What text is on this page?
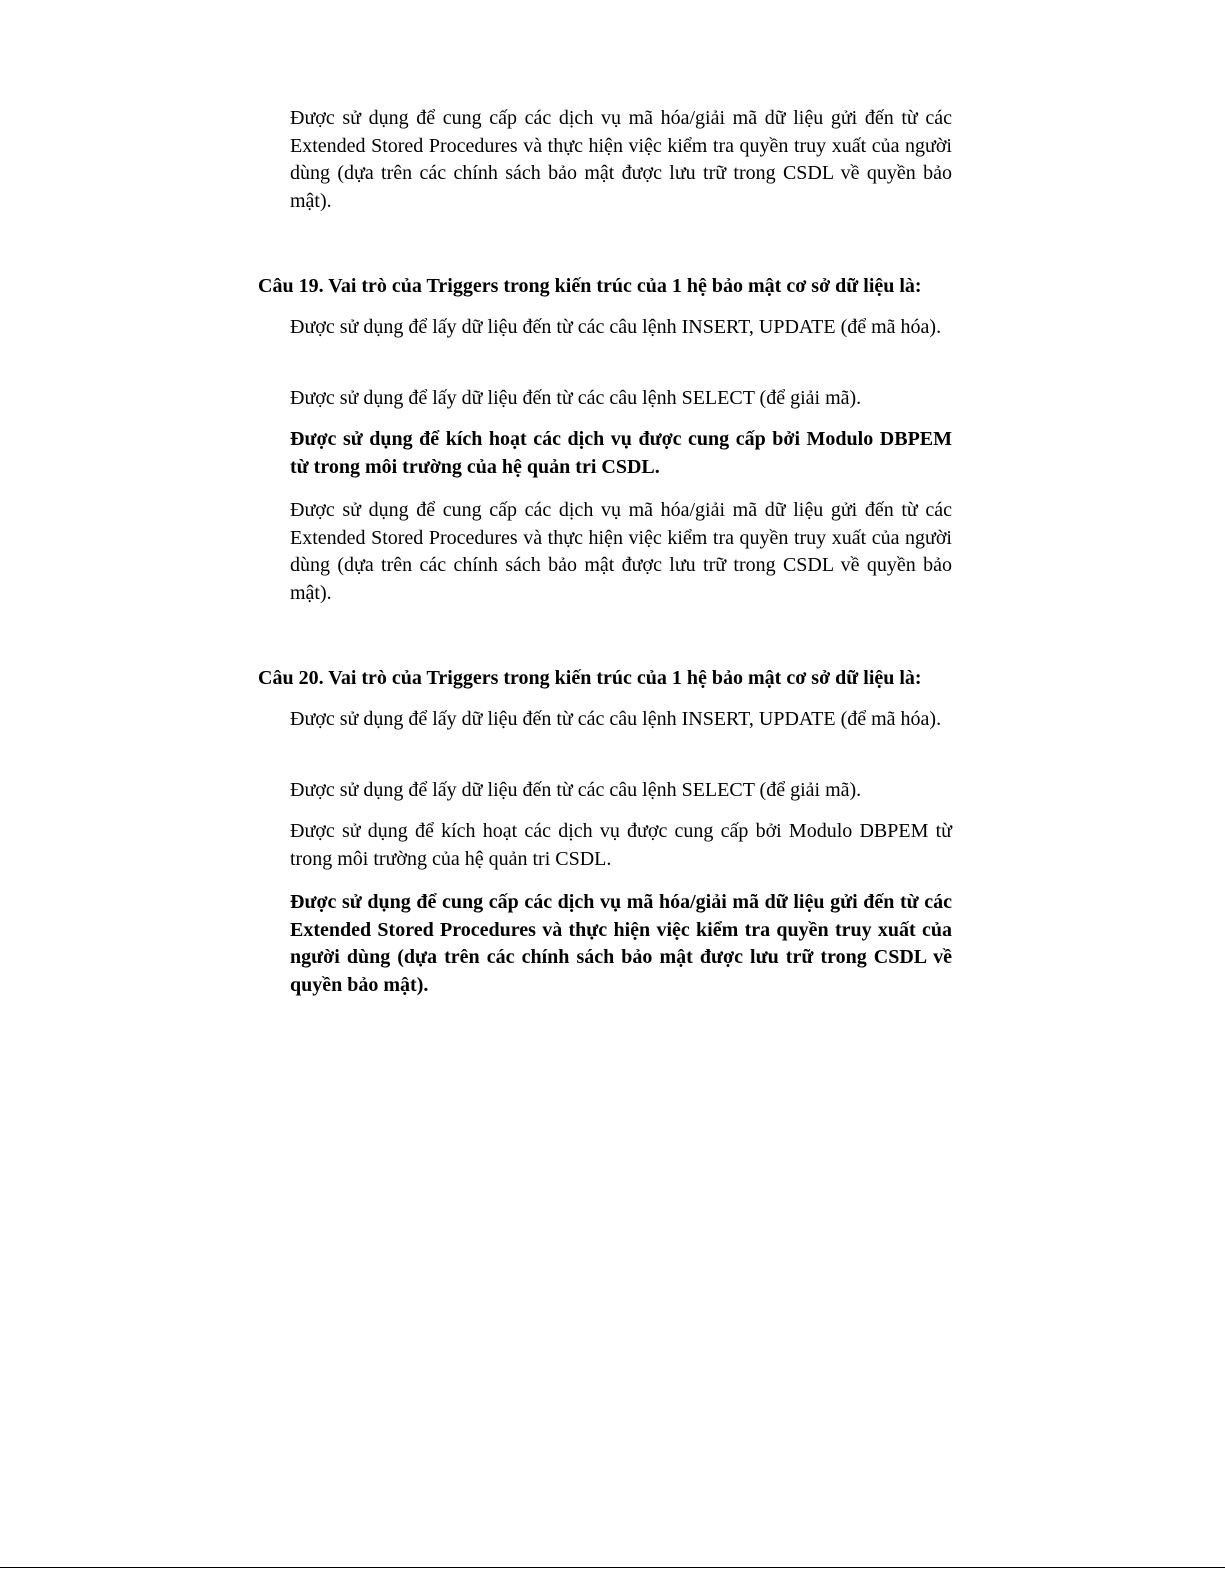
Được sử dụng để cung cấp các dịch vụ mã hóa/giải mã dữ liệu gửi đến từ các Extended Stored Procedures và thực hiện việc kiểm tra quyền truy xuất của người dùng (dựa trên các chính sách bảo mật được lưu trữ trong CSDL về quyền bảo mật).

Câu 19. Vai trò của Triggers trong kiến trúc của 1 hệ bảo mật cơ sở dữ liệu là:

Được sử dụng để lấy dữ liệu đến từ các câu lệnh INSERT, UPDATE (để mã hóa).

Được sử dụng để lấy dữ liệu đến từ các câu lệnh SELECT (để giải mã).

Được sử dụng để kích hoạt các dịch vụ được cung cấp bởi Modulo DBPEM từ trong môi trường của hệ quản tri CSDL.

Được sử dụng để cung cấp các dịch vụ mã hóa/giải mã dữ liệu gửi đến từ các Extended Stored Procedures và thực hiện việc kiểm tra quyền truy xuất của người dùng (dựa trên các chính sách bảo mật được lưu trữ trong CSDL về quyền bảo mật).

Câu 20. Vai trò của Triggers trong kiến trúc của 1 hệ bảo mật cơ sở dữ liệu là:

Được sử dụng để lấy dữ liệu đến từ các câu lệnh INSERT, UPDATE (để mã hóa).

Được sử dụng để lấy dữ liệu đến từ các câu lệnh SELECT (để giải mã).

Được sử dụng để kích hoạt các dịch vụ được cung cấp bởi Modulo DBPEM từ trong môi trường của hệ quản tri CSDL.

Được sử dụng để cung cấp các dịch vụ mã hóa/giải mã dữ liệu gửi đến từ các Extended Stored Procedures và thực hiện việc kiểm tra quyền truy xuất của người dùng (dựa trên các chính sách bảo mật được lưu trữ trong CSDL về quyền bảo mật).
